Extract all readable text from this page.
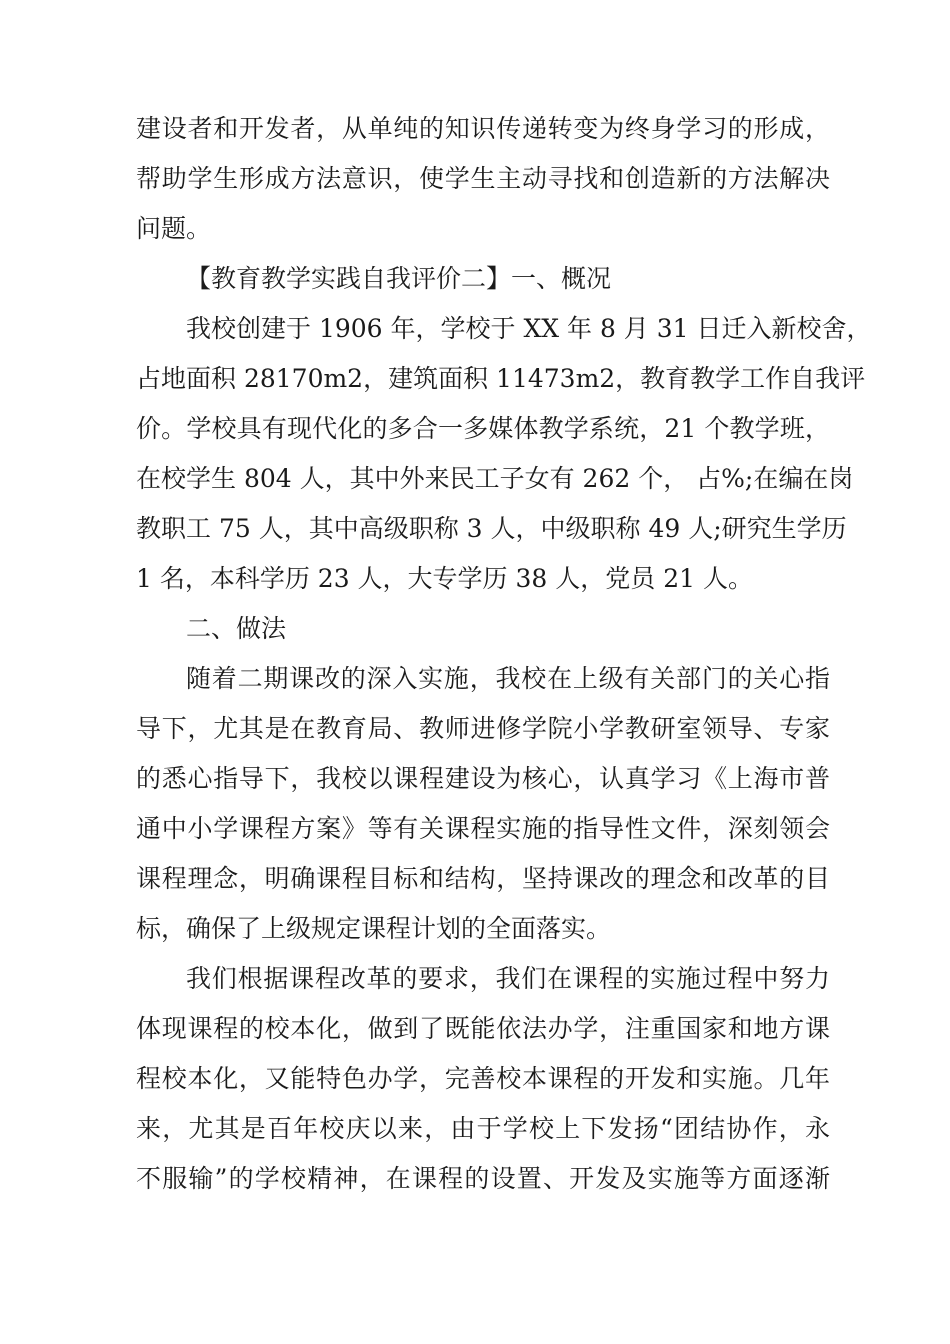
建设者和开发者，从单纯的知识传递转变为终身学习的形成，
帮助学生形成方法意识，使学生主动寻找和创造新的方法解决
问题。
【教育教学实践自我评价二】一、概况
我校创建于 1906 年，学校于 XX 年 8 月 31 日迁入新校舍，
占地面积 28170m2，建筑面积 11473m2，教育教学工作自我评
价。学校具有现代化的多合一多媒体教学系统，21 个教学班，
在校学生 804 人，其中外来民工子女有 262 个， 占%;在编在岗
教职工 75 人，其中高级职称 3 人，中级职称 49 人;研究生学历
1 名，本科学历 23 人，大专学历 38 人，党员 21 人。
二、做法
随着二期课改的深入实施，我校在上级有关部门的关心指
导下，尤其是在教育局、教师进修学院小学教研室领导、专家
的悉心指导下，我校以课程建设为核心，认真学习《上海市普
通中小学课程方案》等有关课程实施的指导性文件，深刻领会
课程理念，明确课程目标和结构，坚持课改的理念和改革的目
标，确保了上级规定课程计划的全面落实。
我们根据课程改革的要求，我们在课程的实施过程中努力
体现课程的校本化，做到了既能依法办学，注重国家和地方课
程校本化，又能特色办学，完善校本课程的开发和实施。几年
来，尤其是百年校庆以来，由于学校上下发扬“团结协作，永
不服输”的学校精神，在课程的设置、开发及实施等方面逐渐
